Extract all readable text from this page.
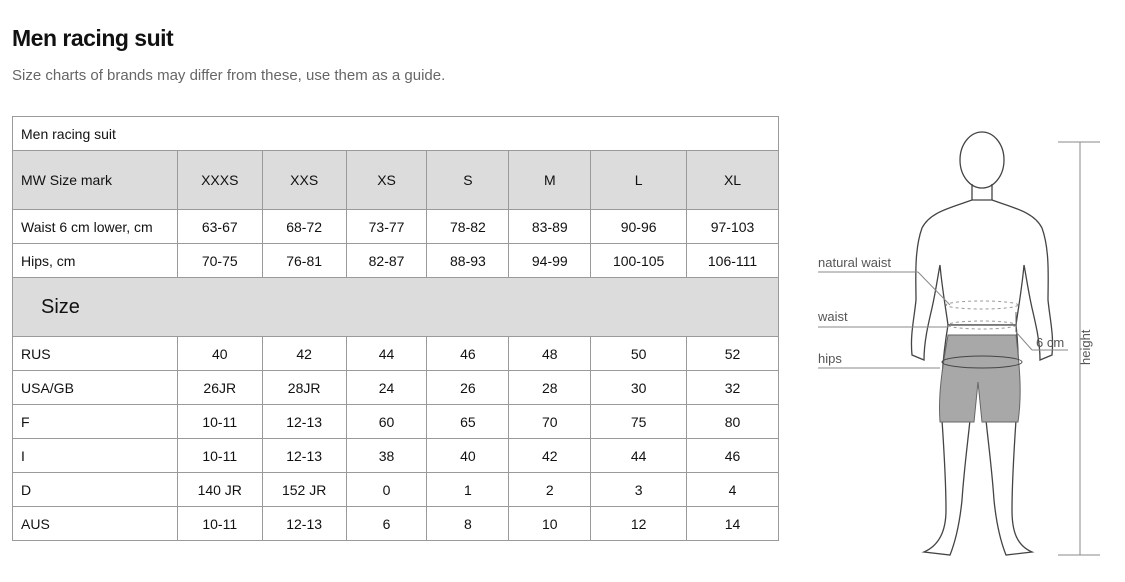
Men racing suit
Size charts of brands may differ from these, use them as a guide.
Men racing suit							
MW Size mark	XXXS	XXS	XS	S	M	L	XL
Waist 6 cm lower, cm	63-67	68-72	73-77	78-82	83-89	90-96	97-103
Hips, cm	70-75	76-81	82-87	88-93	94-99	100-105	106-111
Size							
RUS	40	42	44	46	48	50	52
USA/GB	26JR	28JR	24	26	28	30	32
F	10-11	12-13	60	65	70	75	80
I	10-11	12-13	38	40	42	44	46
D	140 JR	152 JR	0	1	2	3	4
AUS	10-11	12-13	6	8	10	12	14
height
natural waist
waist
6 cm
hips
